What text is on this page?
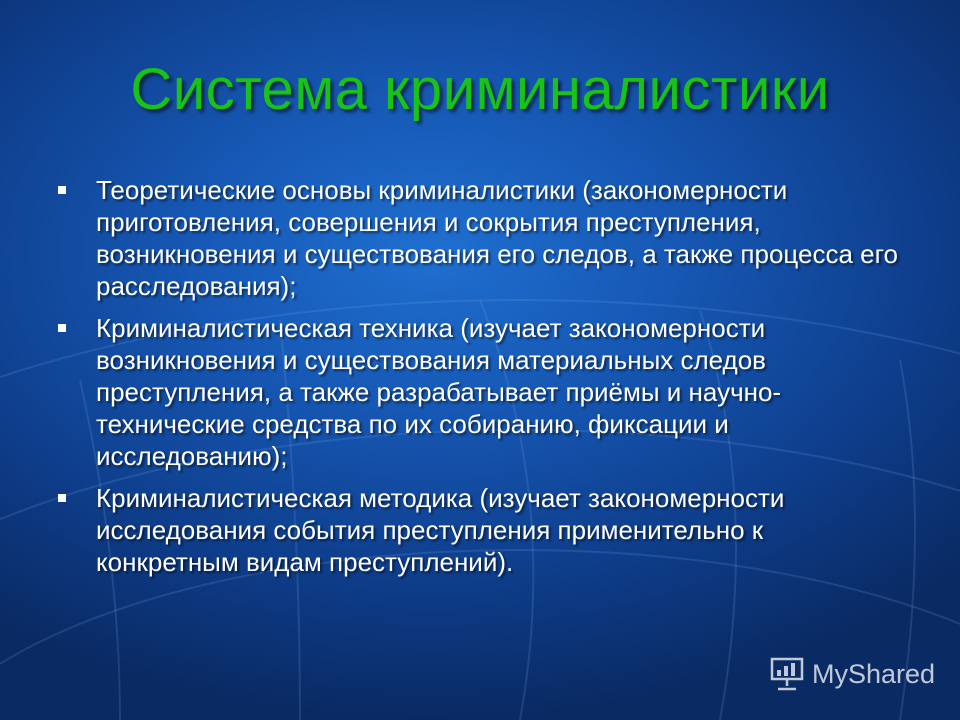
Система криминалистики
Теоретические основы криминалистики (закономерности приготовления, совершения и сокрытия преступления, возникновения и существования его следов, а также процесса его расследования);
Криминалистическая техника (изучает закономерности возникновения и существования материальных следов преступления, а также разрабатывает приёмы и научно-технические средства по их собиранию, фиксации и исследованию);
Криминалистическая методика (изучает закономерности исследования события преступления применительно к конкретным видам преступлений).
MyShared
